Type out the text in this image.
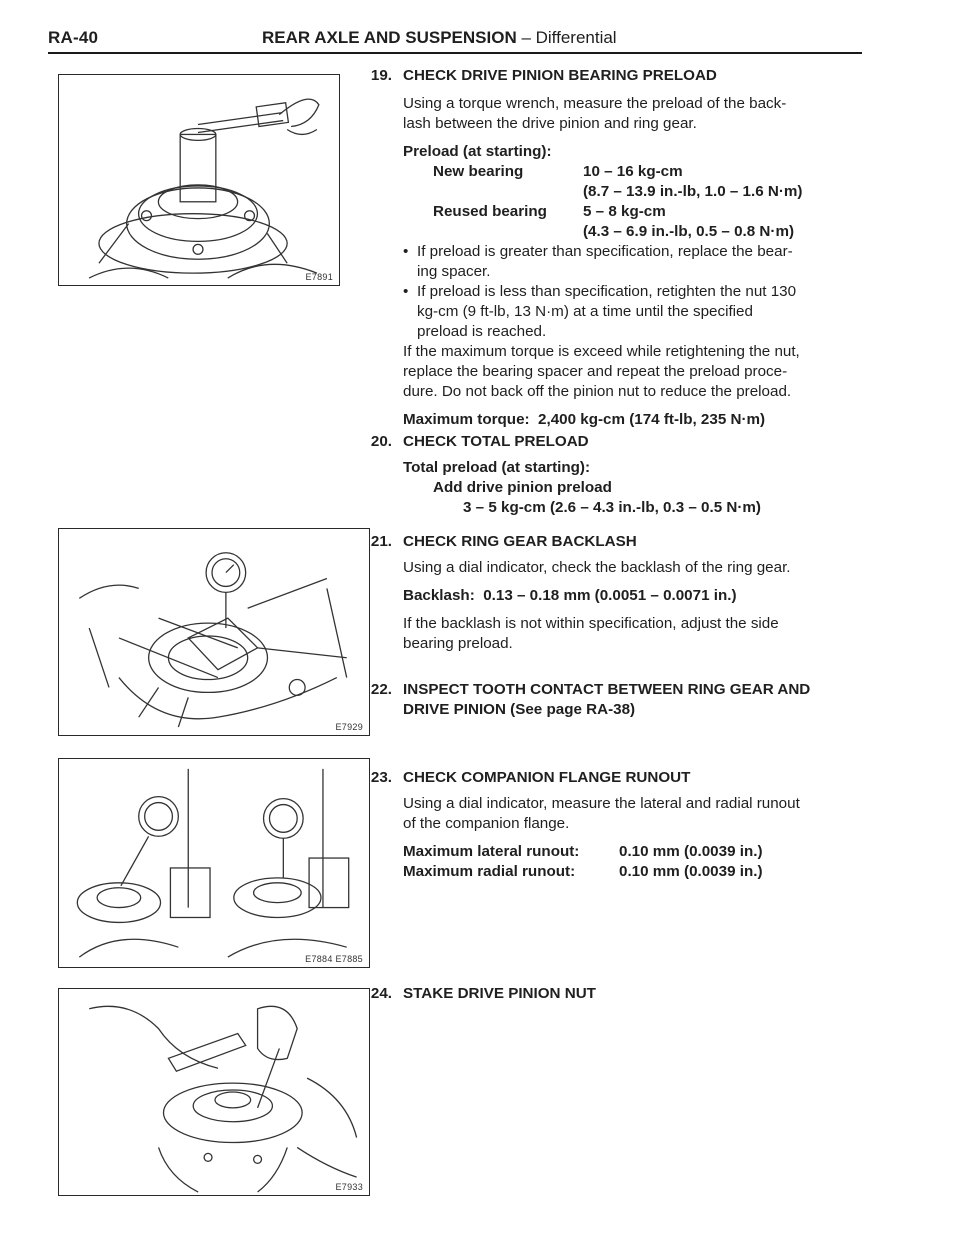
RA-40	REAR AXLE AND SUSPENSION – Differential
E7891
E7929
E7884 E7885
E7933
19. CHECK DRIVE PINION BEARING PRELOAD
Using a torque wrench, measure the preload of the back-
lash between the drive pinion and ring gear.
Preload (at starting):
New bearing	10 – 16 kg-cm
(8.7 – 13.9 in.-lb, 1.0 – 1.6 N·m)
Reused bearing	5 – 8 kg-cm
(4.3 – 6.9 in.-lb, 0.5 – 0.8 N·m)
• If preload is greater than specification, replace the bear-
ing spacer.
• If preload is less than specification, retighten the nut 130
kg-cm (9 ft-lb, 13 N·m) at a time until the specified
preload is reached.
If the maximum torque is exceed while retightening the nut,
replace the bearing spacer and repeat the preload proce-
dure. Do not back off the pinion nut to reduce the preload.
Maximum torque:
2,400 kg-cm (174 ft-lb, 235 N·m)
20. CHECK TOTAL PRELOAD
Total preload (at starting):
Add drive pinion preload
3 – 5 kg-cm (2.6 – 4.3 in.-lb, 0.3 – 0.5 N·m)
21. CHECK RING GEAR BACKLASH
Using a dial indicator, check the backlash of the ring gear.
Backlash:
0.13 – 0.18 mm (0.0051 – 0.0071 in.)
If the backlash is not within specification, adjust the side
bearing preload.
22. INSPECT TOOTH CONTACT BETWEEN RING GEAR AND
DRIVE PINION (See page RA-38)
23. CHECK COMPANION FLANGE RUNOUT
Using a dial indicator, measure the lateral and radial runout
of the companion flange.
Maximum lateral runout:	0.10 mm (0.0039 in.)
Maximum radial runout:	0.10 mm (0.0039 in.)
24. STAKE DRIVE PINION NUT
